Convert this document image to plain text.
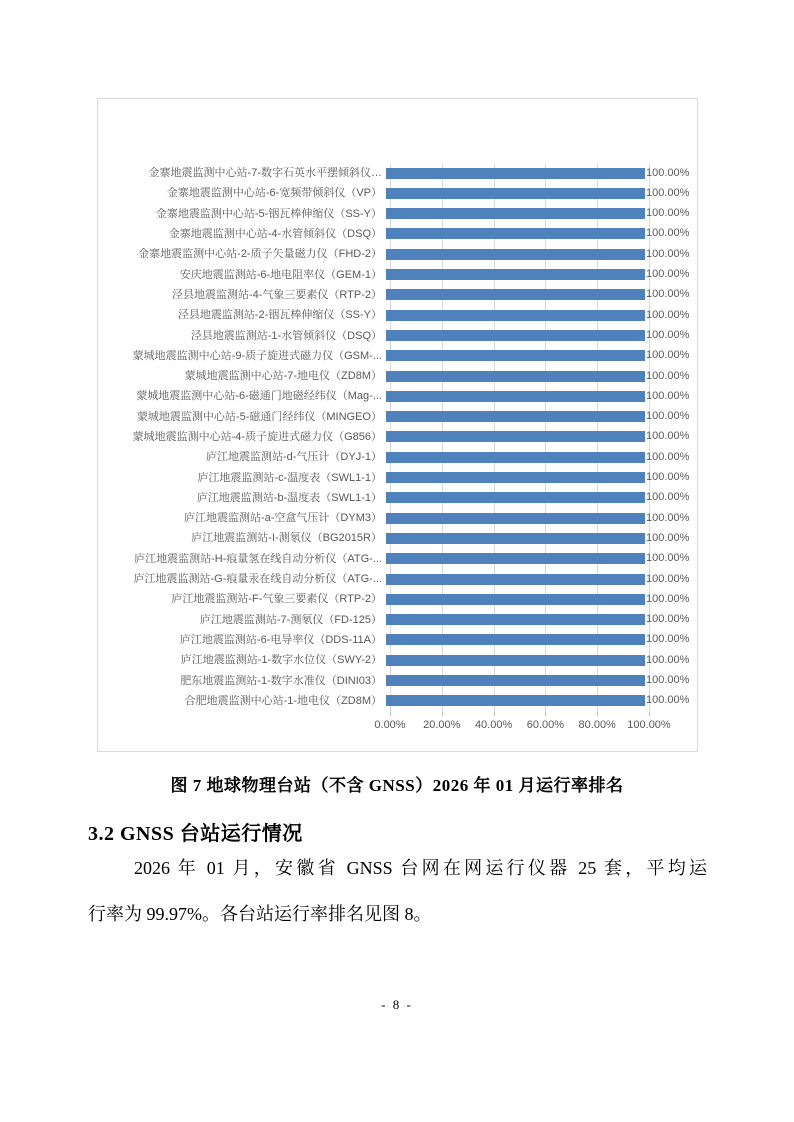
金寨地震监测中心站-7-数字石英水平摆倾斜仪…	100.00%
金寨地震监测中心站-6-宽频带倾斜仪（VP）	100.00%
金寨地震监测中心站-5-铟瓦棒伸缩仪（SS-Y）	100.00%
金寨地震监测中心站-4-水管倾斜仪（DSQ）	100.00%
金寨地震监测中心站-2-质子矢量磁力仪（FHD-2）	100.00%
安庆地震监测站-6-地电阻率仪（GEM-1）	100.00%
泾县地震监测站-4-气象三要素仪（RTP-2）	100.00%
泾县地震监测站-2-铟瓦棒伸缩仪（SS-Y）	100.00%
泾县地震监测站-1-水管倾斜仪（DSQ）	100.00%
蒙城地震监测中心站-9-质子旋进式磁力仪（GSM-...	100.00%
蒙城地震监测中心站-7-地电仪（ZD8M）	100.00%
蒙城地震监测中心站-6-磁通门地磁经纬仪（Mag-...	100.00%
蒙城地震监测中心站-5-磁通门经纬仪（MINGEO）	100.00%
蒙城地震监测中心站-4-质子旋进式磁力仪（G856）	100.00%
庐江地震监测站-d-气压计（DYJ-1）	100.00%
庐江地震监测站-c-温度表（SWL1-1）	100.00%
庐江地震监测站-b-温度表（SWL1-1）	100.00%
庐江地震监测站-a-空盒气压计（DYM3）	100.00%
庐江地震监测站-I-测氡仪（BG2015R）	100.00%
庐江地震监测站-H-痕量氢在线自动分析仪（ATG-...	100.00%
庐江地震监测站-G-痕量汞在线自动分析仪（ATG-...	100.00%
庐江地震监测站-F-气象三要素仪（RTP-2）	100.00%
庐江地震监测站-7-测氡仪（FD-125）	100.00%
庐江地震监测站-6-电导率仪（DDS-11A）	100.00%
庐江地震监测站-1-数字水位仪（SWY-2）	100.00%
肥东地震监测站-1-数字水准仪（DINI03）	100.00%
合肥地震监测中心站-1-地电仪（ZD8M）	100.00%
0.00%	20.00%	40.00%	60.00%	80.00%	100.00%
图 7 地球物理台站（不含 GNSS）2026 年 01 月运行率排名
3.2 GNSS 台站运行情况
2026 年 01 月，安徽省 GNSS 台网在网运行仪器 25 套，平均运
行率为 99.97%。各台站运行率排名见图 8。
- 8 -
